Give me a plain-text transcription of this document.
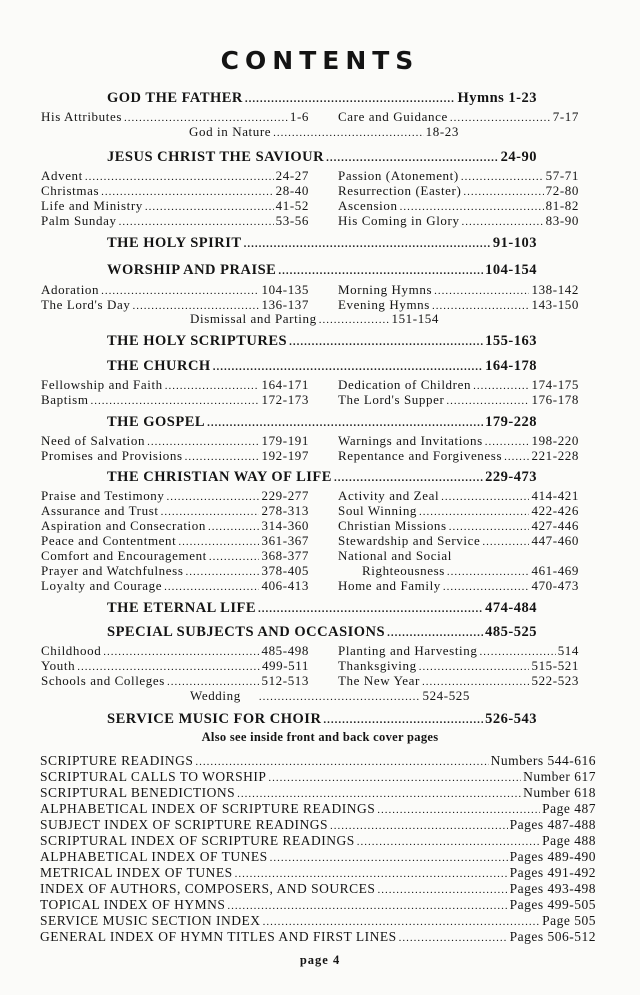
CONTENTS
GOD THE FATHER .....	Hymns 1-23
His Attributes .....	1-6 Care and Guidance .....	7-17
God in Nature .....	18-23
JESUS CHRIST THE SAVIOUR .....	24-90
Advent .....	24-27 Passion (Atonement) .....	57-71
Christmas .....	28-40 Resurrection (Easter) .....	72-80
Life and Ministry .....	41-52 Ascension .....	81-82
Palm Sunday .....	53-56 His Coming in Glory .....	83-90
THE HOLY SPIRIT .....	91-103
WORSHIP AND PRAISE .....	104-154
Adoration .....	104-135 Morning Hymns .....	138-142
The Lord's Day .....	136-137 Evening Hymns .....	143-150
Dismissal and Parting .....	151-154
THE HOLY SCRIPTURES .....	155-163
THE CHURCH .....	164-178
Fellowship and Faith .....	164-171 Dedication of Children .....	174-175
Baptism .....	172-173 The Lord's Supper .....	176-178
THE GOSPEL .....	179-228
Need of Salvation .....	179-191 Warnings and Invitations .....	198-220
Promises and Provisions .....	192-197 Repentance and Forgiveness ..... 221-228
THE CHRISTIAN WAY OF LIFE .....	229-473
Praise and Testimony .....	229-277 Activity and Zeal .....	414-421
Assurance and Trust .....	278-313 Soul Winning .....	422-426
Aspiration and Consecration .....	314-360 Christian Missions .....	427-446
Peace and Contentment .....	361-367 Stewardship and Service .....	447-460
Comfort and Encouragement .....	368-377 National and Social
Prayer and Watchfulness .....	378-405	Righteousness .....	461-469
Loyalty and Courage .....	406-413 Home and Family .....	470-473
THE ETERNAL LIFE .....	474-484
SPECIAL SUBJECTS AND OCCASIONS .....	485-525
Childhood .....	485-498 Planting and Harvesting .....	514
Youth .....	499-511 Thanksgiving .....	515-521
Schools and Colleges .....	512-513 The New Year .....	522-523
Wedding .....	524-525
SERVICE MUSIC FOR CHOIR .....	526-543
Also see inside front and back cover pages
SCRIPTURE READINGS .....	Numbers 544-616
SCRIPTURAL CALLS TO WORSHIP .....	Number 617
SCRIPTURAL BENEDICTIONS .....	Number 618
ALPHABETICAL INDEX OF SCRIPTURE READINGS .....	Page 487
SUBJECT INDEX OF SCRIPTURE READINGS .....	Pages 487-488
SCRIPTURAL INDEX OF SCRIPTURE READINGS .....	Page 488
ALPHABETICAL INDEX OF TUNES .....	Pages 489-490
METRICAL INDEX OF TUNES .....	Pages 491-492
INDEX OF AUTHORS, COMPOSERS, AND SOURCES .....	Pages 493-498
TOPICAL INDEX OF HYMNS .....	Pages 499-505
SERVICE MUSIC SECTION INDEX .....	Page 505
GENERAL INDEX OF HYMN TITLES AND FIRST LINES .....	Pages 506-512
page 4
